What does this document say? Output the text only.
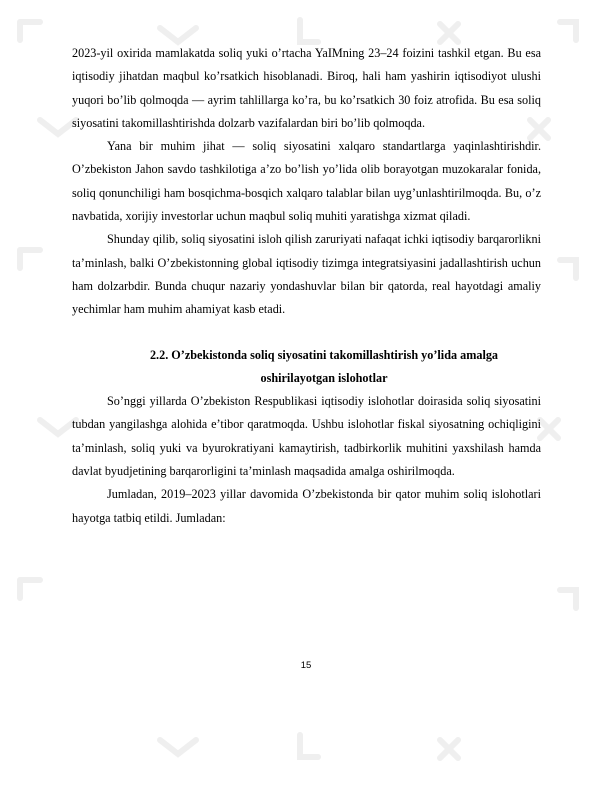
2023-yil oxirida mamlakatda soliq yuki o’rtacha YaIMning 23–24 foizini tashkil etgan. Bu esa iqtisodiy jihatdan maqbul ko’rsatkich hisoblanadi. Biroq, hali ham yashirin iqtisodiyot ulushi yuqori bo’lib qolmoqda — ayrim tahlillarga ko’ra, bu ko’rsatkich 30 foiz atrofida. Bu esa soliq siyosatini takomillashtirishda dolzarb vazifalardan biri bo’lib qolmoqda.

Yana bir muhim jihat — soliq siyosatini xalqaro standartlarga yaqinlashtirishdir. O’zbekiston Jahon savdo tashkilotiga a’zo bo’lish yo’lida olib borayotgan muzokaralar fonida, soliq qonunchiligi ham bosqichma-bosqich xalqaro talablar bilan uyg’unlashtirilmoqda. Bu, o’z navbatida, xorijiy investorlar uchun maqbul soliq muhiti yaratishga xizmat qiladi.

Shunday qilib, soliq siyosatini isloh qilish zaruriyati nafaqat ichki iqtisodiy barqarorlikni ta’minlash, balki O’zbekistonning global iqtisodiy tizimga integratsiyasini jadallashtirish uchun ham dolzarbdir. Bunda chuqur nazariy yondashuvlar bilan bir qatorda, real hayotdagi amaliy yechimlar ham muhim ahamiyat kasb etadi.

2.2. O’zbekistonda soliq siyosatini takomillashtirish yo’lida amalga
oshirilayotgan islohotlar

So’nggi yillarda O’zbekiston Respublikasi iqtisodiy islohotlar doirasida soliq siyosatini tubdan yangilashga alohida e’tibor qaratmoqda. Ushbu islohotlar fiskal siyosatning ochiqligini ta’minlash, soliq yuki va byurokratiyani kamaytirish, tadbirkorlik muhitini yaxshilash hamda davlat byudjetining barqarorligini ta’minlash maqsadida amalga oshirilmoqda.

Jumladan, 2019–2023 yillar davomida O’zbekistonda bir qator muhim soliq islohotlari hayotga tatbiq etildi. Jumladan:

15
